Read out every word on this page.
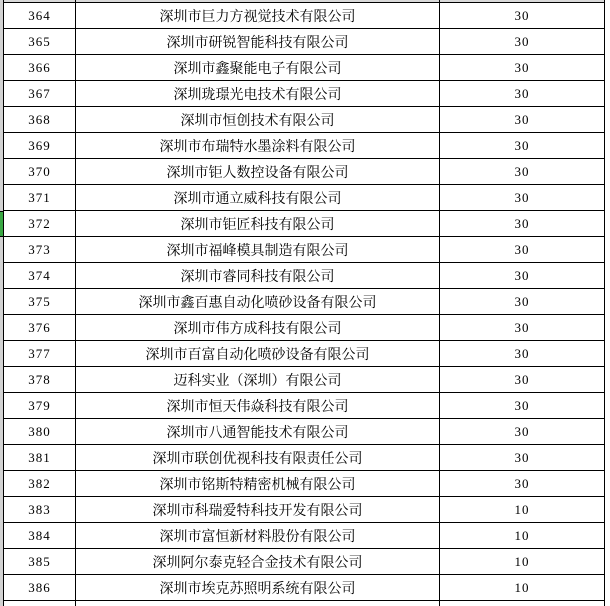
364	深圳市巨力方视觉技术有限公司	30
365	深圳市研锐智能科技有限公司	30
366	深圳市鑫聚能电子有限公司	30
367	深圳珑璟光电技术有限公司	30
368	深圳市恒创技术有限公司	30
369	深圳市布瑞特水墨涂料有限公司	30
370	深圳市钜人数控设备有限公司	30
371	深圳市通立威科技有限公司	30
372	深圳市钜匠科技有限公司	30
373	深圳市福峰模具制造有限公司	30
374	深圳市睿同科技有限公司	30
375	深圳市鑫百惠自动化喷砂设备有限公司	30
376	深圳市伟方成科技有限公司	30
377	深圳市百富自动化喷砂设备有限公司	30
378	迈科实业（深圳）有限公司	30
379	深圳市恒天伟焱科技有限公司	30
380	深圳市八通智能技术有限公司	30
381	深圳市联创优视科技有限责任公司	30
382	深圳市铭斯特精密机械有限公司	30
383	深圳市科瑞爱特科技开发有限公司	10
384	深圳市富恒新材料股份有限公司	10
385	深圳阿尔泰克轻合金技术有限公司	10
386	深圳市埃克苏照明系统有限公司	10
